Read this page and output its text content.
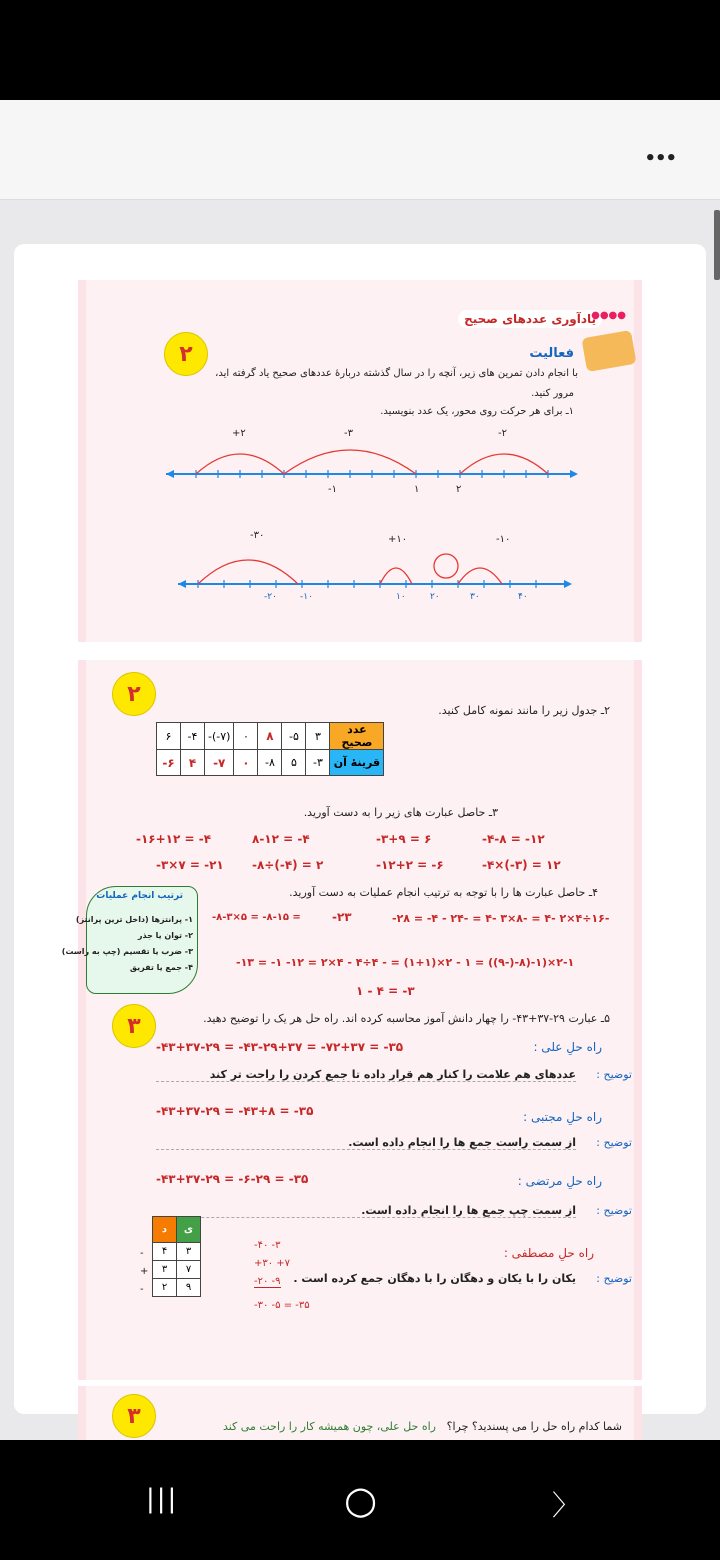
•••
۲
یادآوری عددهای صحیح
●●●●
فعالیت
با انجام دادن تمرین های زیر، آنچه را در سال گذشته دربارهٔ عددهای صحیح یاد گرفته اید،
مرور کنید.
۱ـ برای هر حرکت روی محور، یک عدد بنویسید.
+۲	-۳	-۲
-۱	۱	۲
-۳۰	+۱۰	-۱۰
-۲۰	-۱۰	۱۰	۲۰	۳۰	۴۰
۲
۲ـ جدول زیر را مانند نمونه کامل کنید.
۶	-۴	-(-۷)	۰	۸	-۵	۳	عدد صحیح
-۶	۴	-۷	۰	-۸	۵	-۳	قرینهٔ آن
۳ـ حاصل عبارت های زیر را به دست آورید.
-۴-۸ = -۱۲
-۳+۹ = ۶
۸-۱۲ = -۴
-۱۶+۱۲ = -۴
-۴×(-۳) = ۱۲
-۱۲+۲ = -۶
-۸÷(-۴) = ۲
-۳×۷ = -۲۱
۴ـ حاصل عبارت ها را با توجه به ترتیب انجام عملیات به دست آورید.
ترتیب انجام عملیات
۱- پرانتزها (داخل ترین پرانتز)
۲- توان یا جذر
۳- ضرب یا تقسیم (چپ به راست)
۴- جمع یا تفریق
-۲۸ = -۴ - ۲۴- = ۴- ۳×۸- = ۴- ۲×۴÷۱۶-
-۲۳
-۸-۳×۵ = -۸-۱۵ =
-۱۳ = -۱ -۱۲ = ۲×۴ - ۴÷۴ - = (۱+۱)×۲ - ۱ = ((۹-)-۸)-۱)×۲-۱
۱ - ۴ = -۳
۳	۵ـ عبارت ۲۹-۳۷+۴۳- را چهار دانش آموز محاسبه کرده اند. راه حل هر یک را توضیح دهید.
راه حلِ علی :
-۴۳+۳۷-۲۹ = -۴۳-۲۹+۳۷ = -۷۲+۳۷ = -۳۵
توضیح :
عددهای هم علامت را کنار هم قرار داده تا جمع کردن را راحت تر کند
راه حلِ مجتبی :
-۴۳+۳۷-۲۹ = -۴۳+۸ = -۳۵
توضیح :
از سمت راست جمع ها را انجام داده است.
راه حلِ مرتضی :
-۴۳+۳۷-۲۹ = -۶-۲۹ = -۳۵
توضیح :
از سمت چپ جمع ها را انجام داده است.
راه حلِ مصطفی :
توضیح :
یکان را با یکان و دهگان را با دهگان جمع کرده است .
-۴۰ -۳
+۳۰ +۷
-۲۰ -۹
-۳۰ -۵ = -۳۵
د	ی
۴	۳
۳	۷
۲	۹
-
+
-
۳	شما کدام راه حل را می پسندید؟ چرا؟
راه حل علی، چون همیشه کار را راحت می کند
|||	○	〉
